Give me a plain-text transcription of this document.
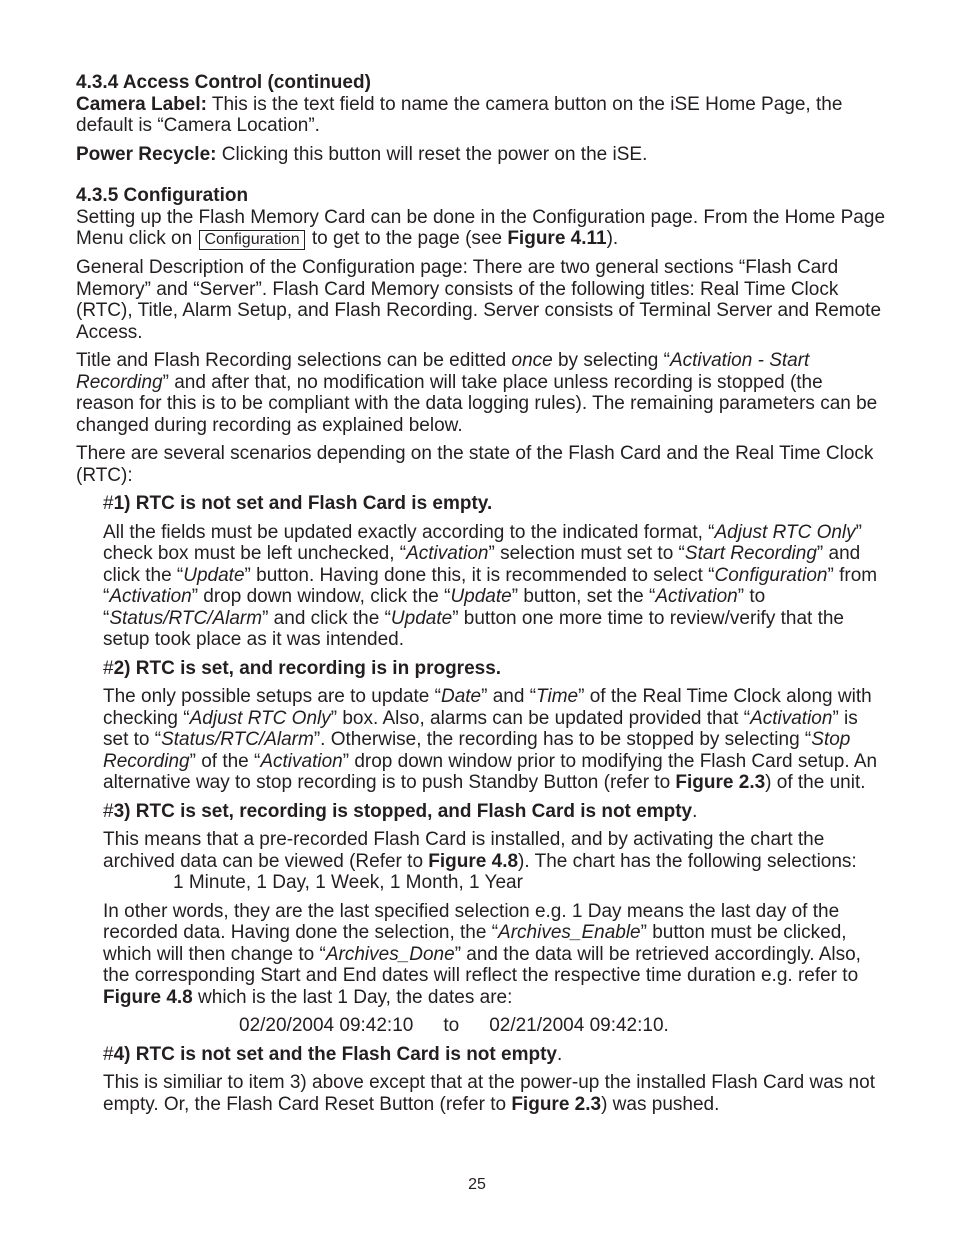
4.3.4 Access Control (continued)

Camera Label: This is the text field to name the camera button on the iSE Home Page, the default is “Camera Location”.

Power Recycle: Clicking this button will reset the power on the iSE.

4.3.5 Configuration

Setting up the Flash Memory Card can be done in the Configuration page. From the Home Page Menu click on Configuration to get to the page (see Figure 4.11).

General Description of the Configuration page: There are two general sections “Flash Card Memory” and “Server”. Flash Card Memory consists of the following titles: Real Time Clock (RTC), Title, Alarm Setup, and Flash Recording. Server consists of Terminal Server and Remote Access.

Title and Flash Recording selections can be editted once by selecting “Activation - Start Recording” and after that, no modification will take place unless recording is stopped (the reason for this is to be compliant with the data logging rules). The remaining parameters can be changed during recording as explained below.

There are several scenarios depending on the state of the Flash Card and the Real Time Clock (RTC):

#1) RTC is not set and Flash Card is empty.

All the fields must be updated exactly according to the indicated format, “Adjust RTC Only” check box must be left unchecked, “Activation” selection must set to “Start Recording” and click the “Update” button. Having done this, it is recommended to select “Configuration” from “Activation” drop down window, click the “Update” button, set the “Activation” to “Status/RTC/Alarm” and click the “Update” button one more time to review/verify that the setup took place as it was intended.

#2) RTC is set, and recording is in progress.

The only possible setups are to update “Date” and “Time” of the Real Time Clock along with checking “Adjust RTC Only” box. Also, alarms can be updated provided that “Activation” is set to “Status/RTC/Alarm”. Otherwise, the recording has to be stopped by selecting “Stop Recording” of the “Activation” drop down window prior to modifying the Flash Card setup. An alternative way to stop recording is to push Standby Button (refer to Figure 2.3) of the unit.

#3) RTC is set, recording is stopped, and Flash Card is not empty.

This means that a pre-recorded Flash Card is installed, and by activating the chart the archived data can be viewed (Refer to Figure 4.8). The chart has the following selections:1 Minute, 1 Day, 1 Week, 1 Month, 1 Year

In other words, they are the last specified selection e.g. 1 Day means the last day of the recorded data. Having done the selection, the “Archives_Enable” button must be clicked, which will then change to “Archives_Done” and the data will be retrieved accordingly. Also, the corresponding Start and End dates will reflect the respective time duration e.g. refer to Figure 4.8 which is the last 1 Day, the dates are:

02/20/2004 09:42:10 to 02/21/2004 09:42:10.

#4) RTC is not set and the Flash Card is not empty.

This is similiar to item 3) above except that at the power-up the installed Flash Card was not empty. Or, the Flash Card Reset Button (refer to Figure 2.3) was pushed.

25
